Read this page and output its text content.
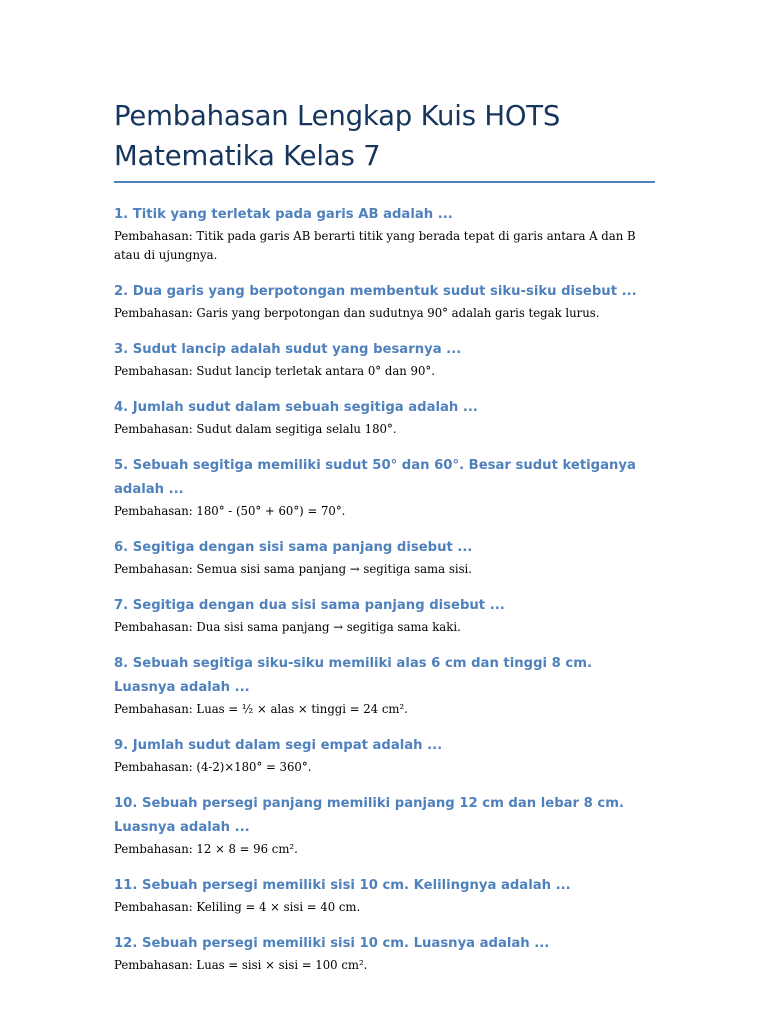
Pembahasan Lengkap Kuis HOTS
Matematika Kelas 7

1. Titik yang terletak pada garis AB adalah ...

Pembahasan: Titik pada garis AB berarti titik yang berada tepat di garis antara A dan B atau di ujungnya.

2. Dua garis yang berpotongan membentuk sudut siku-siku disebut ...

Pembahasan: Garis yang berpotongan dan sudutnya 90° adalah garis tegak lurus.

3. Sudut lancip adalah sudut yang besarnya ...

Pembahasan: Sudut lancip terletak antara 0° dan 90°.

4. Jumlah sudut dalam sebuah segitiga adalah ...

Pembahasan: Sudut dalam segitiga selalu 180°.

5. Sebuah segitiga memiliki sudut 50° dan 60°. Besar sudut ketiganya adalah ...

Pembahasan: 180° - (50° + 60°) = 70°.

6. Segitiga dengan sisi sama panjang disebut ...

Pembahasan: Semua sisi sama panjang → segitiga sama sisi.

7. Segitiga dengan dua sisi sama panjang disebut ...

Pembahasan: Dua sisi sama panjang → segitiga sama kaki.

8. Sebuah segitiga siku-siku memiliki alas 6 cm dan tinggi 8 cm. Luasnya adalah ...

Pembahasan: Luas = ½ × alas × tinggi = 24 cm².

9. Jumlah sudut dalam segi empat adalah ...

Pembahasan: (4-2)×180° = 360°.

10. Sebuah persegi panjang memiliki panjang 12 cm dan lebar 8 cm. Luasnya adalah ...

Pembahasan: 12 × 8 = 96 cm².

11. Sebuah persegi memiliki sisi 10 cm. Kelilingnya adalah ...

Pembahasan: Keliling = 4 × sisi = 40 cm.

12. Sebuah persegi memiliki sisi 10 cm. Luasnya adalah ...

Pembahasan: Luas = sisi × sisi = 100 cm².
